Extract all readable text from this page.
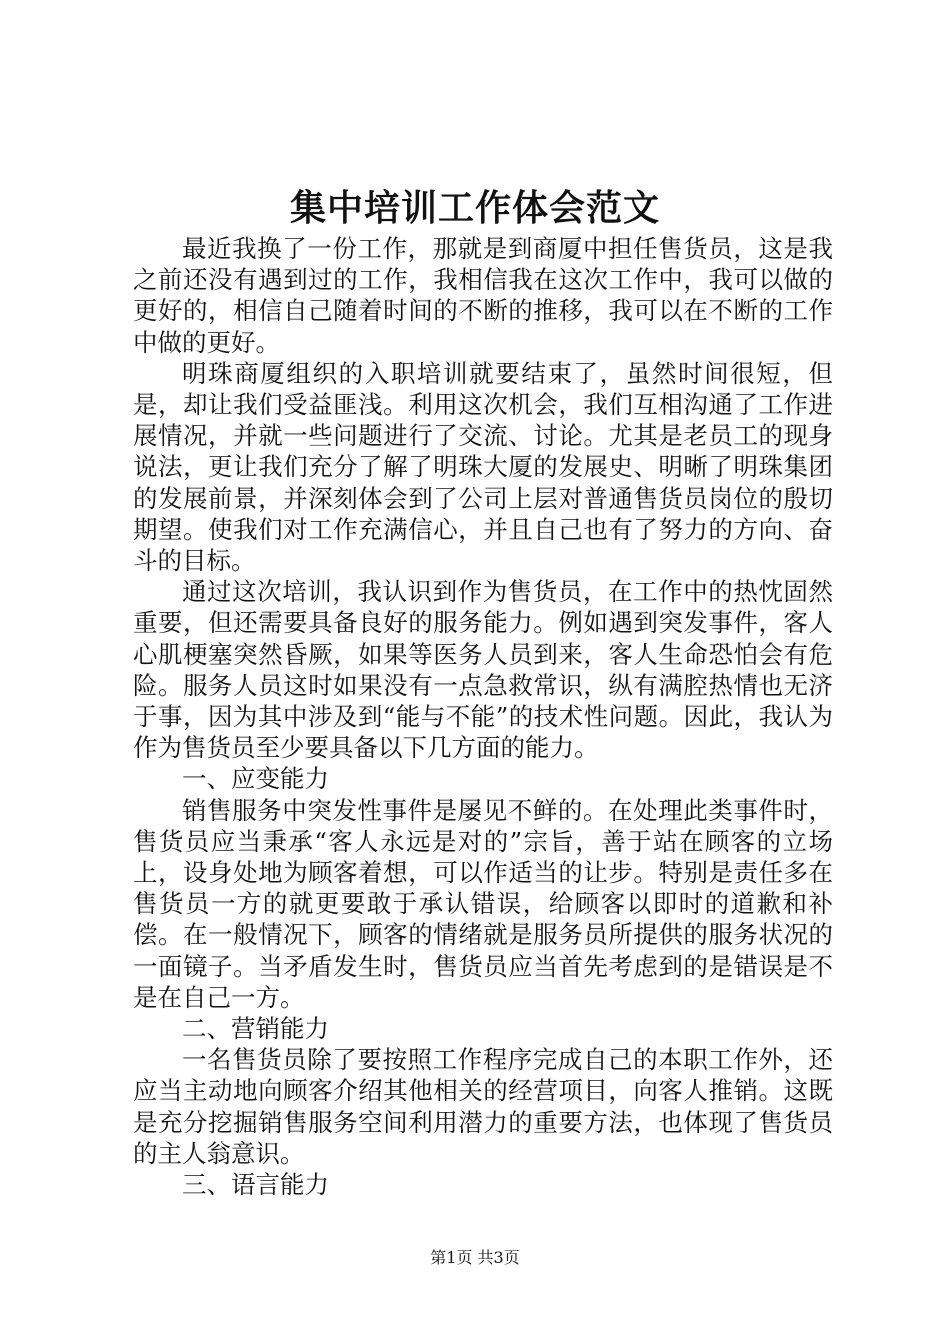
集中培训工作体会范文

最近我换了一份工作，那就是到商厦中担任售货员，这是我之前还没有遇到过的工作，我相信我在这次工作中，我可以做的更好的，相信自己随着时间的不断的推移，我可以在不断的工作中做的更好。

明珠商厦组织的入职培训就要结束了，虽然时间很短，但是，却让我们受益匪浅。利用这次机会，我们互相沟通了工作进展情况，并就一些问题进行了交流、讨论。尤其是老员工的现身说法，更让我们充分了解了明珠大厦的发展史、明晰了明珠集团的发展前景，并深刻体会到了公司上层对普通售货员岗位的殷切期望。使我们对工作充满信心，并且自己也有了努力的方向、奋斗的目标。

通过这次培训，我认识到作为售货员，在工作中的热忱固然重要，但还需要具备良好的服务能力。例如遇到突发事件，客人心肌梗塞突然昏厥，如果等医务人员到来，客人生命恐怕会有危险。服务人员这时如果没有一点急救常识，纵有满腔热情也无济于事，因为其中涉及到“能与不能”的技术性问题。因此，我认为作为售货员至少要具备以下几方面的能力。

一、应变能力

销售服务中突发性事件是屡见不鲜的。在处理此类事件时，售货员应当秉承“客人永远是对的”宗旨，善于站在顾客的立场上，设身处地为顾客着想，可以作适当的让步。特别是责任多在售货员一方的就更要敢于承认错误，给顾客以即时的道歉和补偿。在一般情况下，顾客的情绪就是服务员所提供的服务状况的一面镜子。当矛盾发生时，售货员应当首先考虑到的是错误是不是在自己一方。

二、营销能力

一名售货员除了要按照工作程序完成自己的本职工作外，还应当主动地向顾客介绍其他相关的经营项目，向客人推销。这既是充分挖掘销售服务空间利用潜力的重要方法，也体现了售货员的主人翁意识。

三、语言能力

第1页 共3页
